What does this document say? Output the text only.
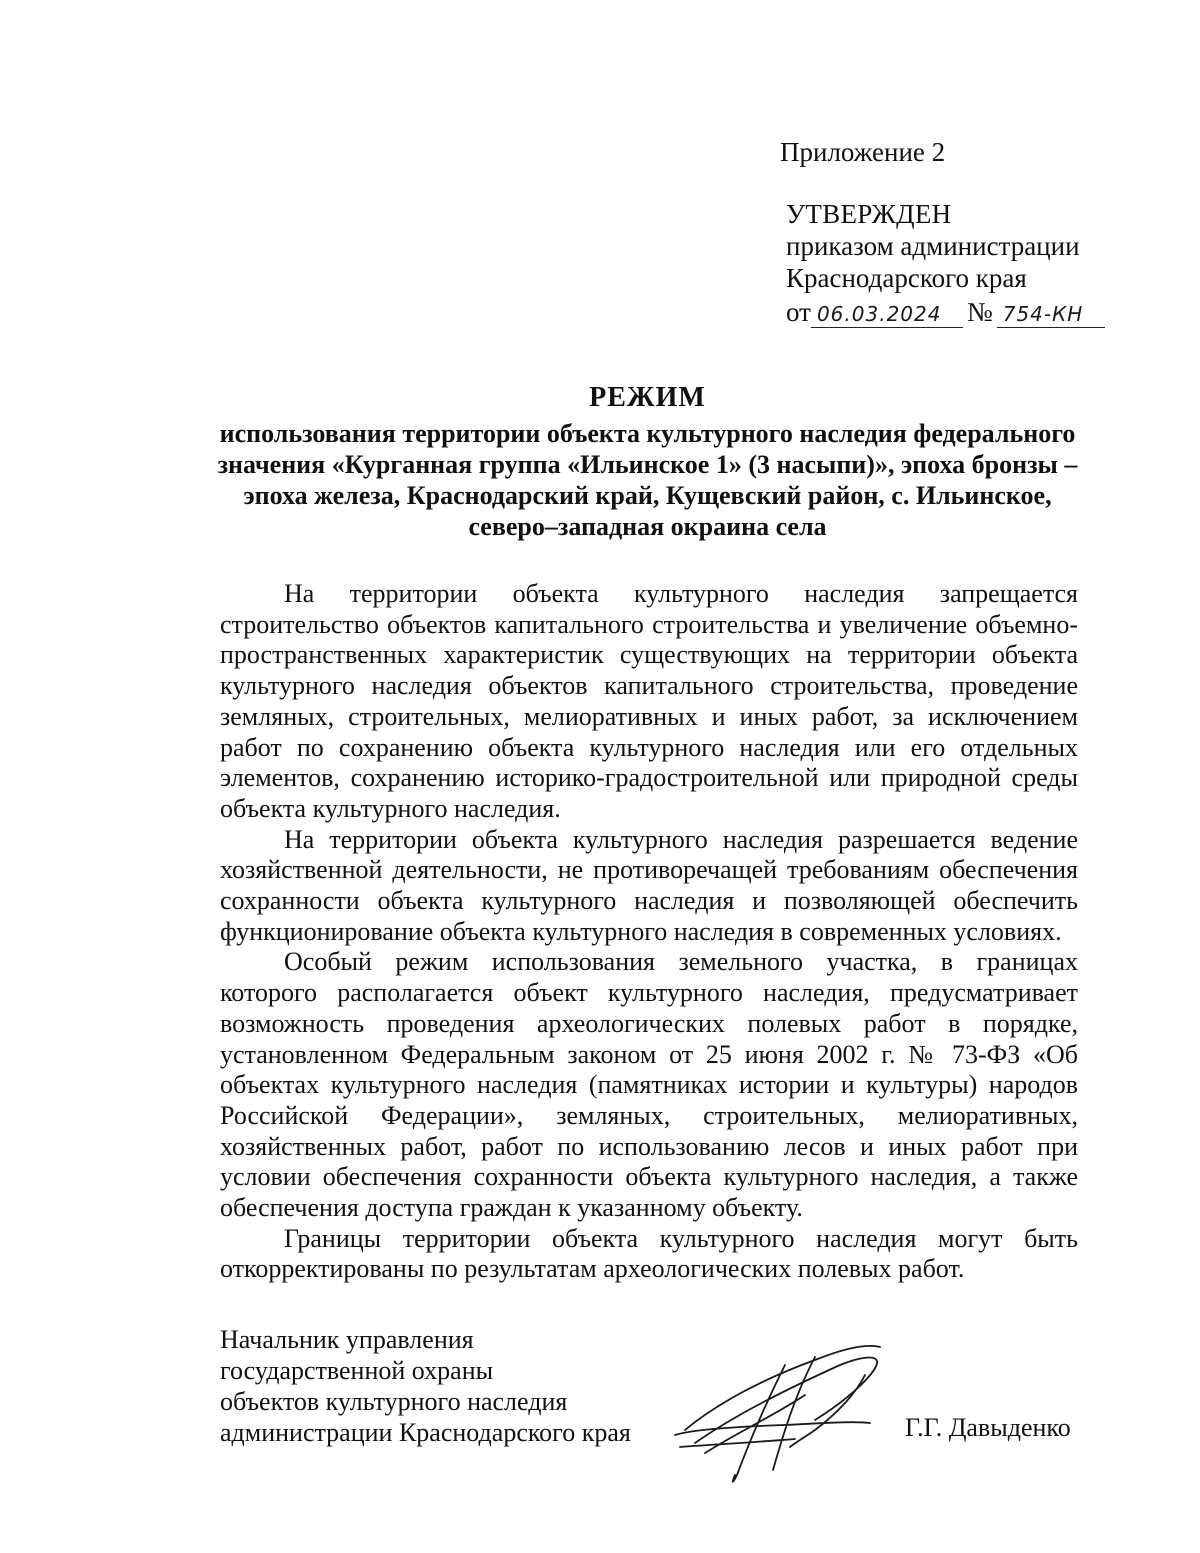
Приложение 2
УТВЕРЖДЕН
приказом администрации
Краснодарского края
от 06.03.2024 № 754-КН
РЕЖИМ
использования территории объекта культурного наследия федерального значения «Курганная группа «Ильинское 1» (3 насыпи)», эпоха бронзы – эпоха железа, Краснодарский край, Кущевский район, с. Ильинское, северо–западная окраина села

На территории объекта культурного наследия запрещается строительство объектов капитального строительства и увеличение объемно-пространственных характеристик существующих на территории объекта культурного наследия объектов капитального строительства, проведение земляных, строительных, мелиоративных и иных работ, за исключением работ по сохранению объекта культурного наследия или его отдельных элементов, сохранению историко-градостроительной или природной среды объекта культурного наследия.

На территории объекта культурного наследия разрешается ведение хозяйственной деятельности, не противоречащей требованиям обеспечения сохранности объекта культурного наследия и позволяющей обеспечить функционирование объекта культурного наследия в современных условиях.

Особый режим использования земельного участка, в границах которого располагается объект культурного наследия, предусматривает возможность проведения археологических полевых работ в порядке, установленном Федеральным законом от 25 июня 2002 г. № 73-ФЗ «Об объектах культурного наследия (памятниках истории и культуры) народов Российской Федерации», земляных, строительных, мелиоративных, хозяйственных работ, работ по использованию лесов и иных работ при условии обеспечения сохранности объекта культурного наследия, а также обеспечения доступа граждан к указанному объекту.

Границы территории объекта культурного наследия могут быть откорректированы по результатам археологических полевых работ.

Начальник управления
государственной охраны
объектов культурного наследия
администрации Краснодарского края	Г.Г. Давыденко
